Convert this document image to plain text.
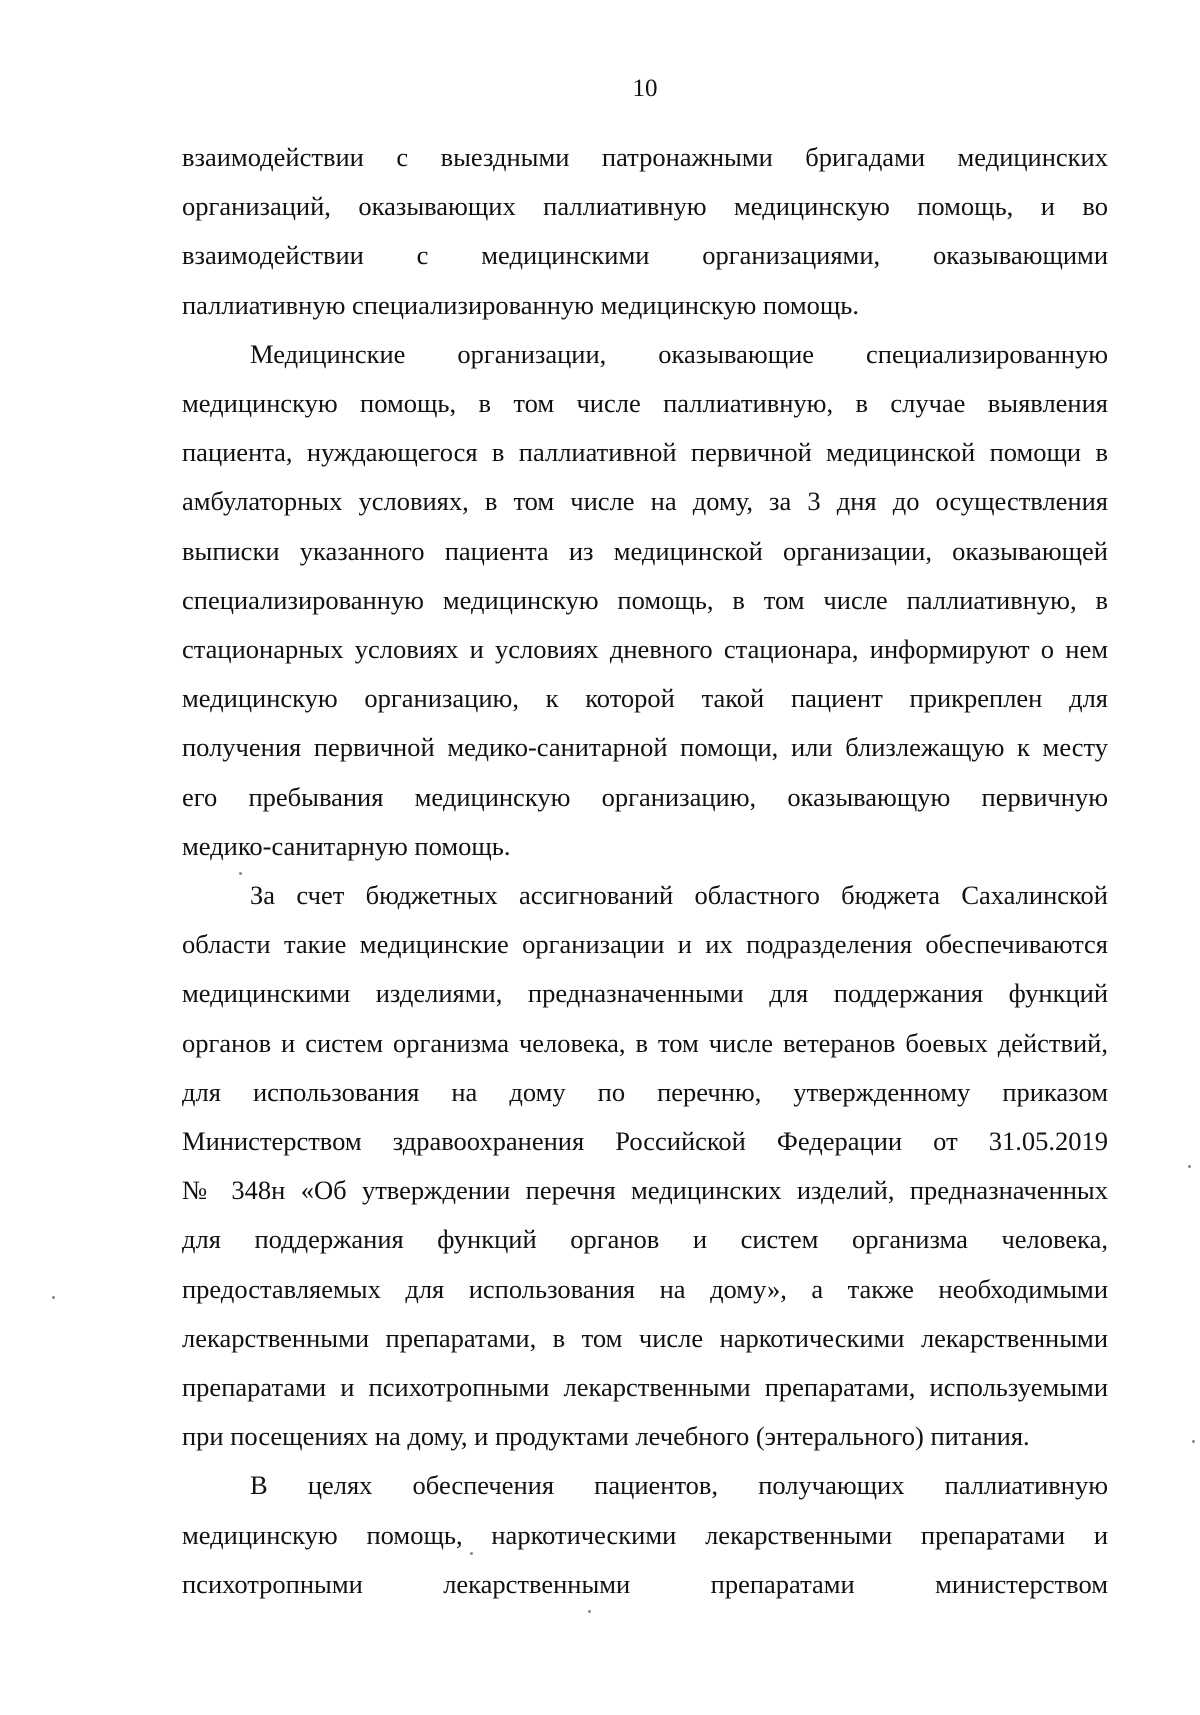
10
взаимодействии с выездными патронажными бригадами медицинских
организаций, оказывающих паллиативную медицинскую помощь, и во
взаимодействии с медицинскими организациями, оказывающими
паллиативную специализированную медицинскую помощь.
Медицинские организации, оказывающие специализированную
медицинскую помощь, в том числе паллиативную, в случае выявления
пациента, нуждающегося в паллиативной первичной медицинской помощи в
амбулаторных условиях, в том числе на дому, за 3 дня до осуществления
выписки указанного пациента из медицинской организации, оказывающей
специализированную медицинскую помощь, в том числе паллиативную, в
стационарных условиях и условиях дневного стационара, информируют о нем
медицинскую организацию, к которой такой пациент прикреплен для
получения первичной медико-санитарной помощи, или близлежащую к месту
его пребывания медицинскую организацию, оказывающую первичную
медико-санитарную помощь.
За счет бюджетных ассигнований областного бюджета Сахалинской
области такие медицинские организации и их подразделения обеспечиваются
медицинскими изделиями, предназначенными для поддержания функций
органов и систем организма человека, в том числе ветеранов боевых действий,
для использования на дому по перечню, утвержденному приказом
Министерством здравоохранения Российской Федерации от 31.05.2019
№ 348н «Об утверждении перечня медицинских изделий, предназначенных
для поддержания функций органов и систем организма человека,
предоставляемых для использования на дому», а также необходимыми
лекарственными препаратами, в том числе наркотическими лекарственными
препаратами и психотропными лекарственными препаратами, используемыми
при посещениях на дому, и продуктами лечебного (энтерального) питания.
В целях обеспечения пациентов, получающих паллиативную
медицинскую помощь, наркотическими лекарственными препаратами и
психотропными лекарственными препаратами министерством
